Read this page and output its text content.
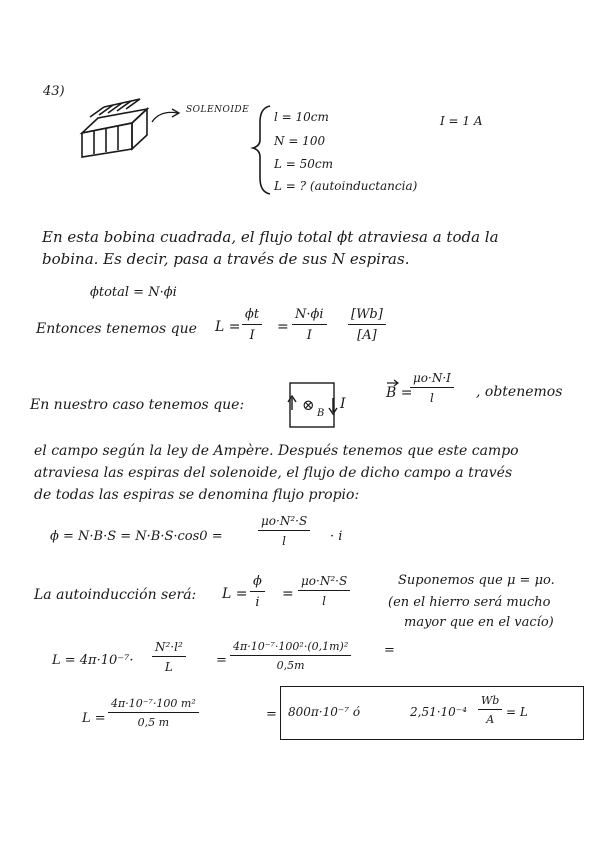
43)
SOLENOIDE l = 10cm
N = 100
L = 50cm
L = ? (autoinductancia)
I = 1 A
En esta bobina cuadrada, el flujo total ϕt atraviesa a toda la
bobina. Es decir, pasa a través de sus N espiras.
ϕtotal = N·ϕi
Entonces tenemos que $L = \frac{\phi t}{I} = \frac{N\cdot\phi i}{I} \frac{[Wb]}{[A]}$
En nuestro caso tenemos que:	⊗ B
I
B =
$\frac{\mu o\cdot N\cdot I}{l}$ , obtenemos
el campo según la ley de Ampère. Después tenemos que este campo
atraviesa las espiras del solenoide, el flujo de dicho campo a través
de todas las espiras se denomina flujo propio:
ϕ = N·B·S = N·B·S·cos0 =	$\frac{\text{μo·N²·S}}{l} \cdot i$
La autoinducción será: $L = \frac{\phi}{i} = \frac{\text{μo·N²·S}}{l}$	Suponemos que μ = μo.
(en el hierro será mucho
mayor que en el vacío)
$L = 4\pi\cdot 10^{-7}\cdot \frac{\text{N²·l²}}{L} = \frac{\text{4π·10⁻⁷·100²·(0,1m)²}}{0,5m}$	=
$L = \frac{\text{4π·10⁻⁷·100 m²}}{0,5 m}$	= 800π·10⁻⁷ ó	$2,51\cdot 10^{-4} \frac{Wb}{A} = L$
